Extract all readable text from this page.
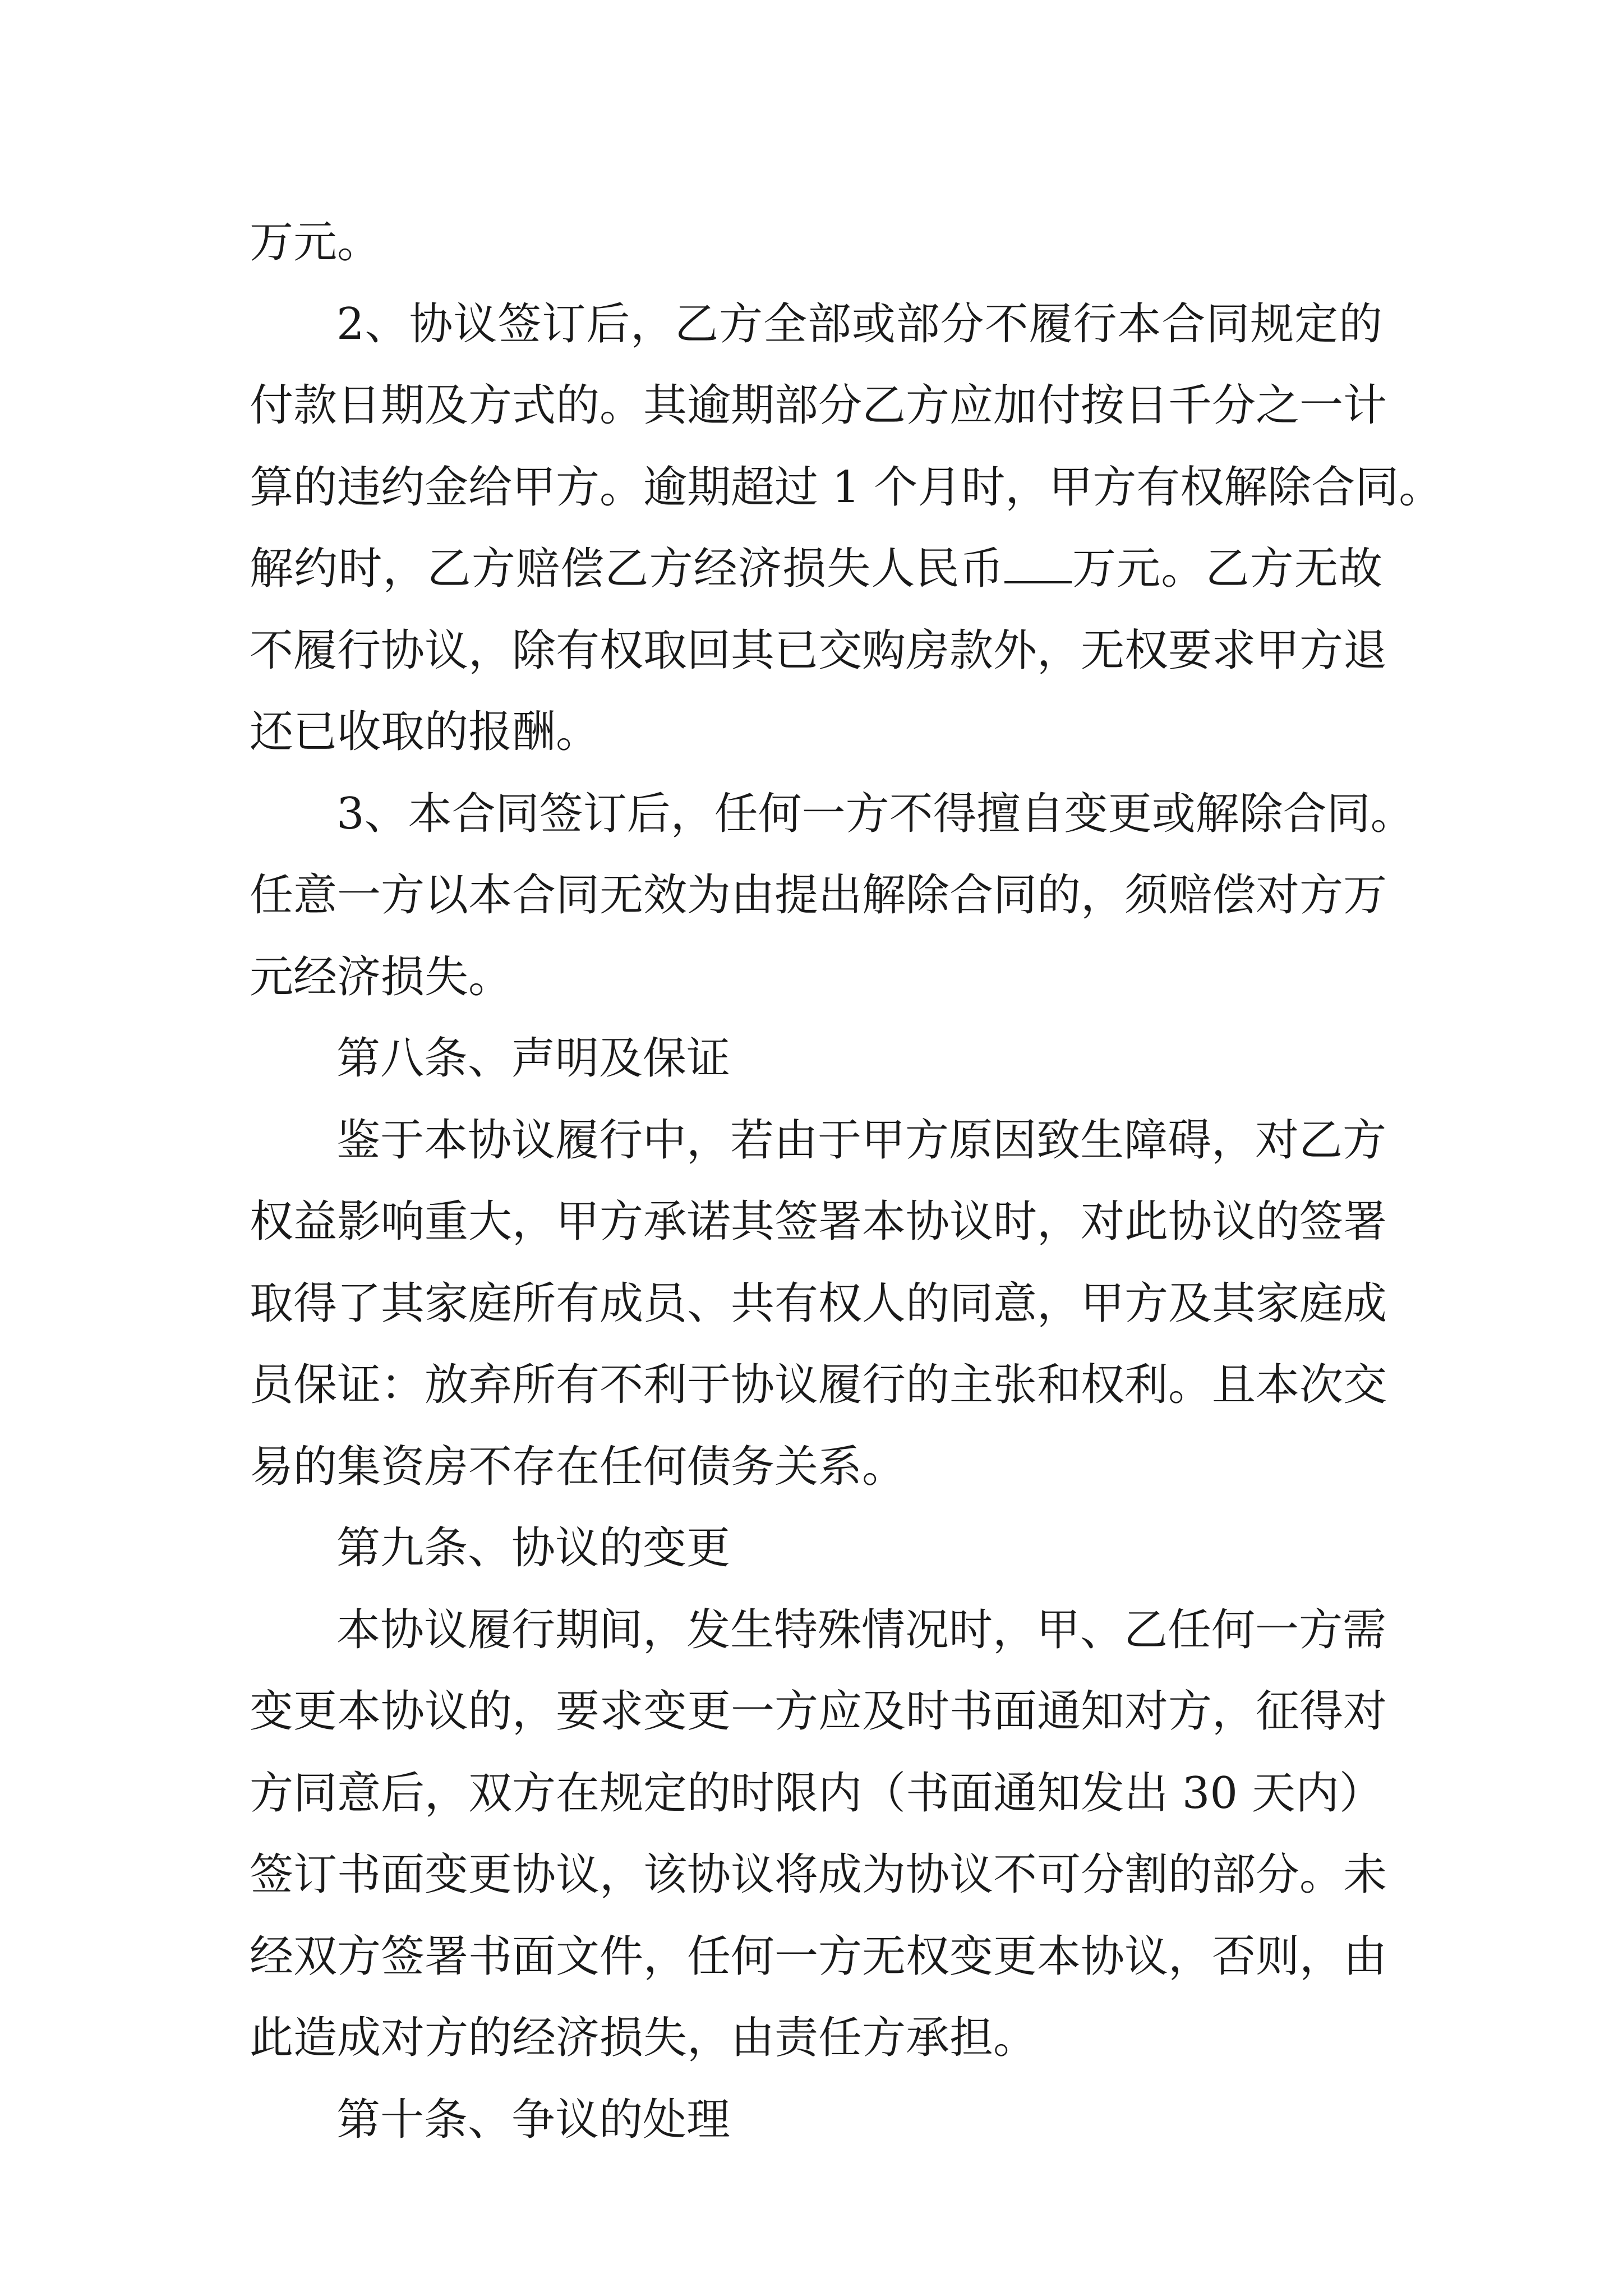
万元。
2、协议签订后，乙方全部或部分不履行本合同规定的
付款日期及方式的。其逾期部分乙方应加付按日千分之一计
算的违约金给甲方。逾期超过 1 个月时，甲方有权解除合同。
解约时，乙方赔偿乙方经济损失人民币 万元。乙方无故
不履行协议，除有权取回其已交购房款外，无权要求甲方退
还已收取的报酬。
3、本合同签订后，任何一方不得擅自变更或解除合同。
任意一方以本合同无效为由提出解除合同的，须赔偿对方万
元经济损失。
第八条、声明及保证
鉴于本协议履行中，若由于甲方原因致生障碍，对乙方
权益影响重大，甲方承诺其签署本协议时，对此协议的签署
取得了其家庭所有成员、共有权人的同意，甲方及其家庭成
员保证：放弃所有不利于协议履行的主张和权利。且本次交
易的集资房不存在任何债务关系。
第九条、协议的变更
本协议履行期间，发生特殊情况时，甲、乙任何一方需
变更本协议的，要求变更一方应及时书面通知对方，征得对
方同意后，双方在规定的时限内（书面通知发出 30 天内）
签订书面变更协议，该协议将成为协议不可分割的部分。未
经双方签署书面文件，任何一方无权变更本协议，否则，由
此造成对方的经济损失，由责任方承担。
第十条、争议的处理
